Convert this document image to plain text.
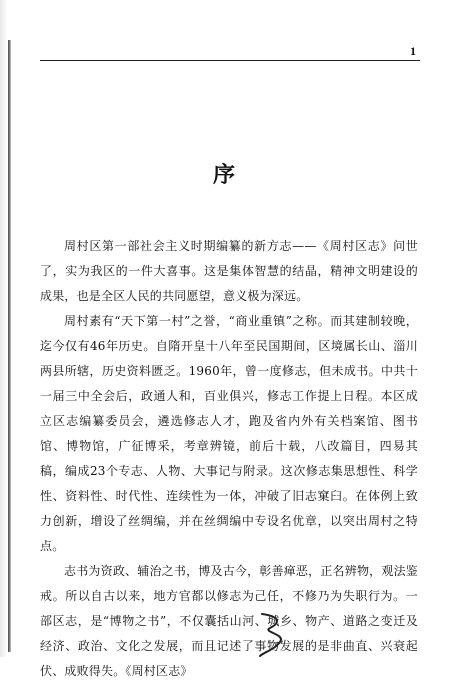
1
序

周村区第一部社会主义时期编纂的新方志——《周村区志》问世了，实为我区的一件大喜事。这是集体智慧的结晶，精神文明建设的成果，也是全区人民的共同愿望，意义极为深远。

周村素有“天下第一村”之誉，“商业重镇”之称。而其建制较晚，迄今仅有46年历史。自隋开皇十八年至民国期间，区境属长山、淄川两县所辖，历史资料匮乏。1960年，曾一度修志，但未成书。中共十一届三中全会后，政通人和，百业俱兴，修志工作提上日程。本区成立区志编纂委员会，遴选修志人才，跑及省内外有关档案馆、图书馆、博物馆，广征博采，考章辨镜，前后十载，八改篇目，四易其稿，编成23个专志、人物、大事记与附录。这次修志集思想性、科学性、资料性、时代性、连续性为一体，冲破了旧志窠臼。在体例上致力创新，增设了丝绸编，并在丝绸编中专设名优章，以突出周村之特点。

志书为资政、辅治之书，博及古今，彰善瘅恶，正名辨物，观法鉴戒。所以自古以来，地方官都以修志为己任，不修乃为失职行为。一部区志，是“博物之书”，不仅囊括山河、城乡、物产、道路之变迁及经济、政治、文化之发展，而且记述了事物发展的是非曲直、兴衰起伏、成败得失。《周村区志》
